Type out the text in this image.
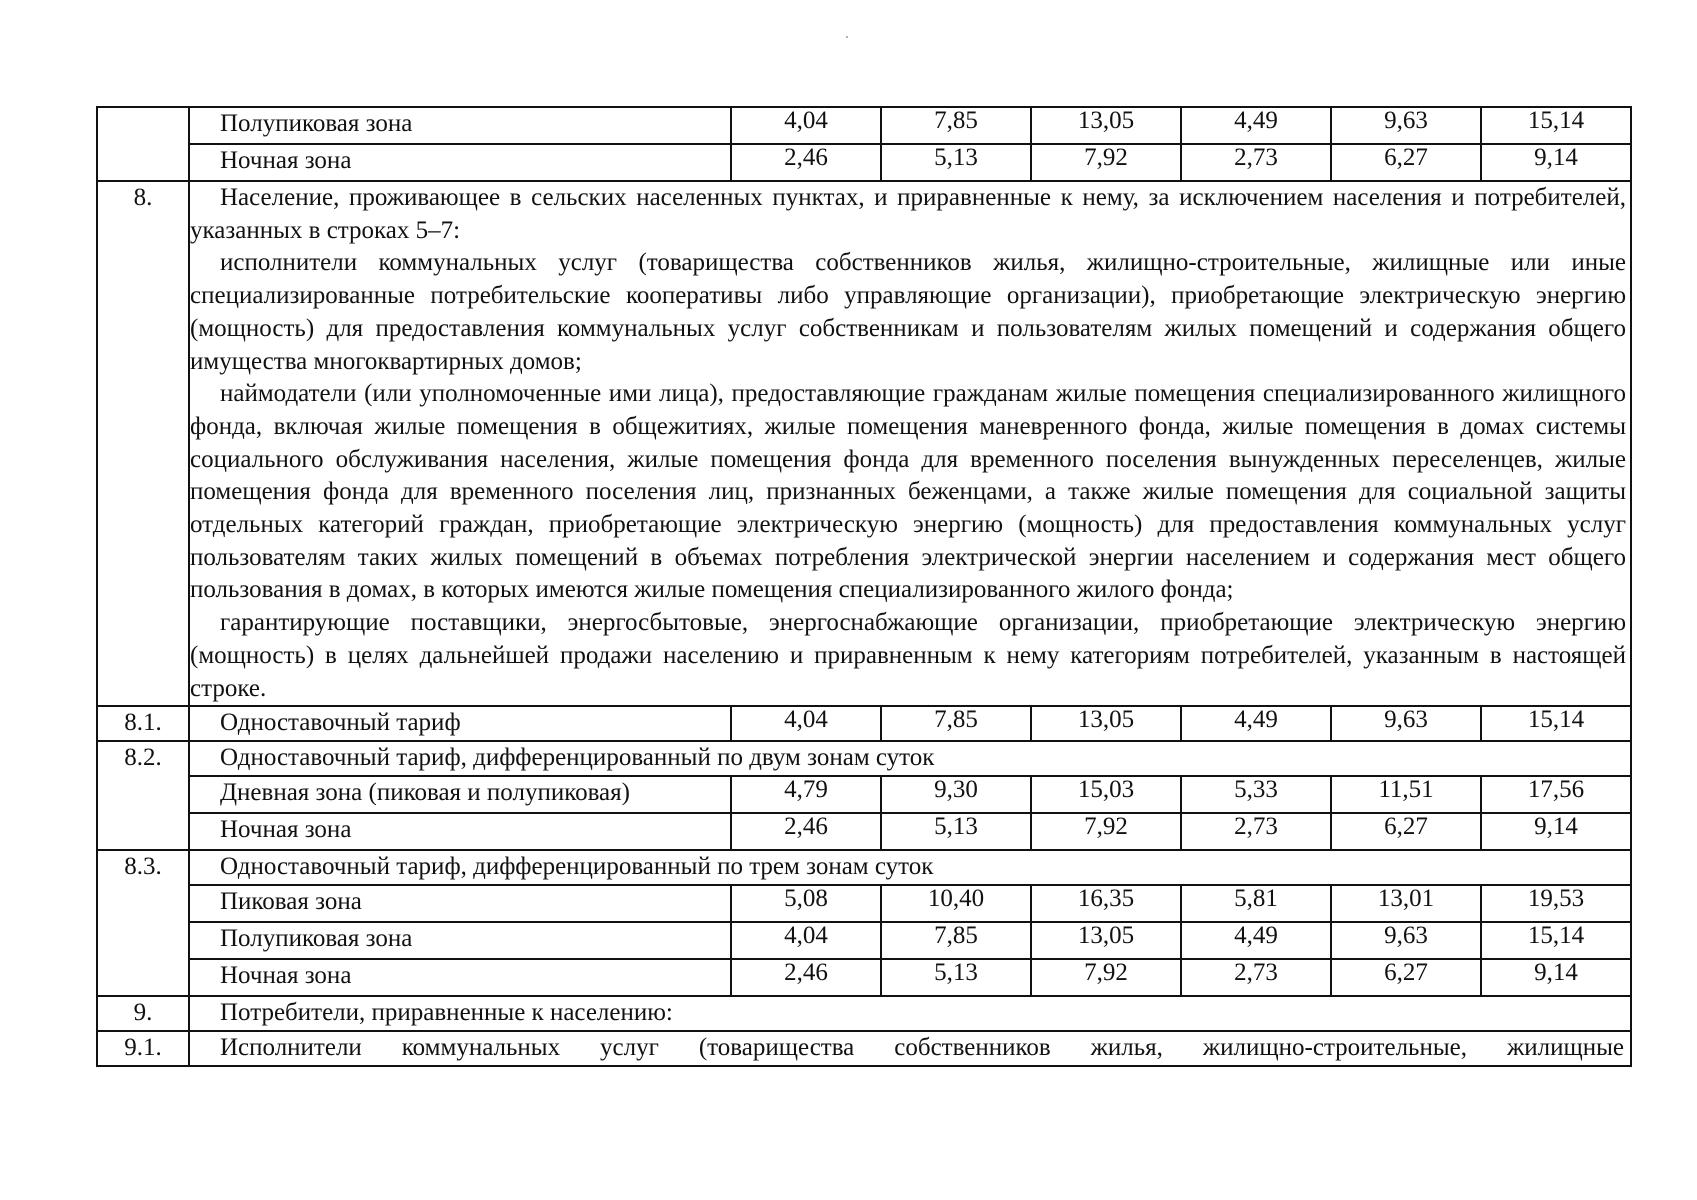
	Полупиковая зона	4,04	7,85	13,05	4,49	9,63	15,14
	Ночная зона	2,46	5,13	7,92	2,73	6,27	9,14
8.	Население, проживающее в сельских населенных пунктах, и приравненные к нему, за исключением населения и потребителей, указанных в строках 5–7:

исполнители коммунальных услуг (товарищества собственников жилья, жилищно-строительные, жилищные или иные специализированные потребительские кооперативы либо управляющие организации), приобретающие электрическую энергию (мощность) для предоставления коммунальных услуг собственникам и пользователям жилых помещений и содержания общего имущества многоквартирных домов;

наймодатели (или уполномоченные ими лица), предоставляющие гражданам жилые помещения специализированного жилищного фонда, включая жилые помещения в общежитиях, жилые помещения маневренного фонда, жилые помещения в домах системы социального обслуживания населения, жилые помещения фонда для временного поселения вынужденных переселенцев, жилые помещения фонда для временного поселения лиц, признанных беженцами, а также жилые помещения для социальной защиты отдельных категорий граждан, приобретающие электрическую энергию (мощность) для предоставления коммунальных услуг пользователям таких жилых помещений в объемах потребления электрической энергии населением и содержания мест общего пользования в домах, в которых имеются жилые помещения специализированного жилого фонда;

гарантирующие поставщики, энергосбытовые, энергоснабжающие организации, приобретающие электрическую энергию (мощность) в целях дальнейшей продажи населению и приравненным к нему категориям потребителей, указанным в настоящей строке.						

8.1.	Одноставочный тариф	4,04	7,85	13,05	4,49	9,63	15,14
8.2.	Одноставочный тариф, дифференцированный по двум зонам суток						
	Дневная зона (пиковая и полупиковая)	4,79	9,30	15,03	5,33	11,51	17,56
	Ночная зона	2,46	5,13	7,92	2,73	6,27	9,14
8.3.	Одноставочный тариф, дифференцированный по трем зонам суток						
	Пиковая зона	5,08	10,40	16,35	5,81	13,01	19,53
	Полупиковая зона	4,04	7,85	13,05	4,49	9,63	15,14
	Ночная зона	2,46	5,13	7,92	2,73	6,27	9,14
9.	Потребители, приравненные к населению:						
9.1.	Исполнители коммунальных услуг (товарищества собственников жилья, жилищно-строительные, жилищные						
